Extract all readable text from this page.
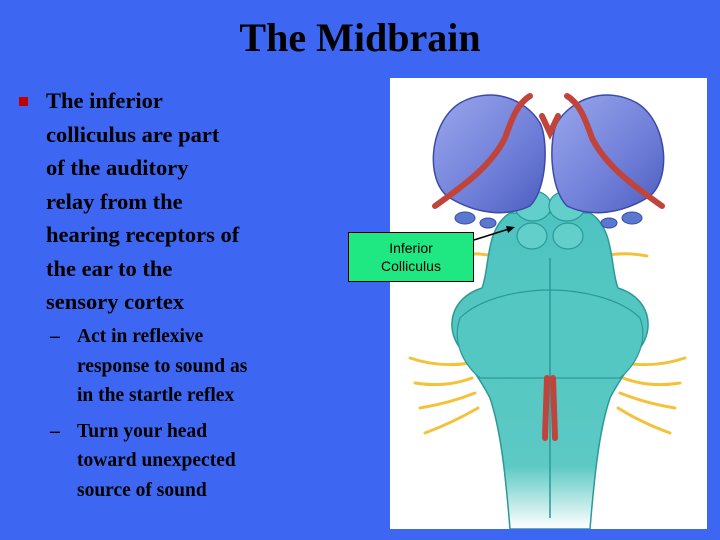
The Midbrain
The inferior
colliculus are part
of the auditory
relay from the
hearing receptors of
the ear to the
sensory cortex
– Act in reflexive
response to sound as
in the startle reflex
– Turn your head
toward unexpected
source of sound
Inferior
Colliculus
